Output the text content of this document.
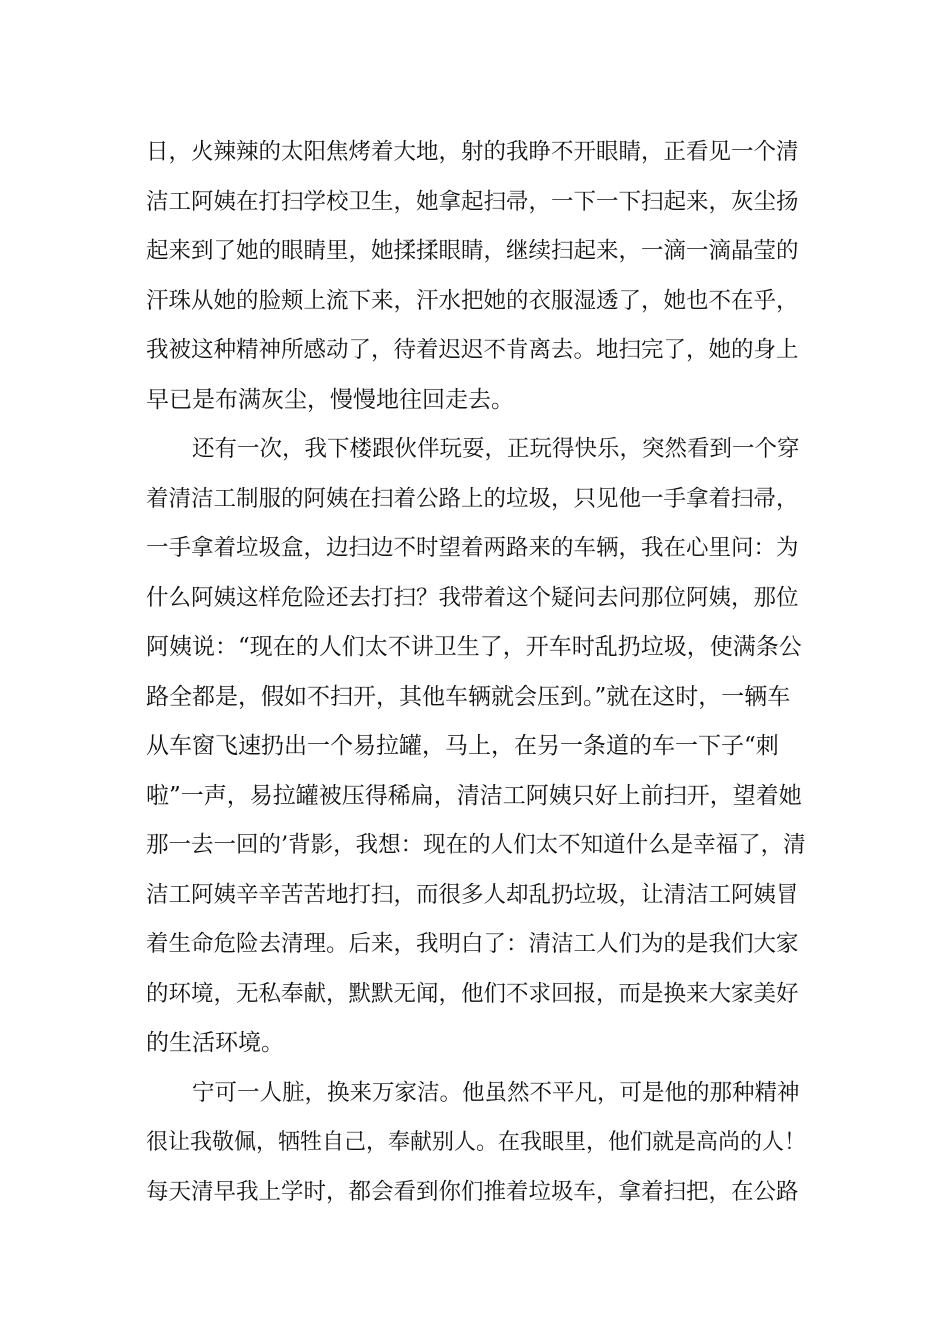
日，火辣辣的太阳焦烤着大地，射的我睁不开眼睛，正看见一个清
洁工阿姨在打扫学校卫生，她拿起扫帚，一下一下扫起来，灰尘扬
起来到了她的眼睛里，她揉揉眼睛，继续扫起来，一滴一滴晶莹的
汗珠从她的脸颊上流下来，汗水把她的衣服湿透了，她也不在乎，
我被这种精神所感动了，待着迟迟不肯离去。地扫完了，她的身上
早已是布满灰尘，慢慢地往回走去。
还有一次，我下楼跟伙伴玩耍，正玩得快乐，突然看到一个穿
着清洁工制服的阿姨在扫着公路上的垃圾，只见他一手拿着扫帚，
一手拿着垃圾盒，边扫边不时望着两路来的车辆，我在心里问：为
什么阿姨这样危险还去打扫？我带着这个疑问去问那位阿姨，那位
阿姨说：“现在的人们太不讲卫生了，开车时乱扔垃圾，使满条公
路全都是，假如不扫开，其他车辆就会压到。”就在这时，一辆车
从车窗飞速扔出一个易拉罐，马上，在另一条道的车一下子“刺
啦”一声，易拉罐被压得稀扁，清洁工阿姨只好上前扫开，望着她
那一去一回的’背影，我想：现在的人们太不知道什么是幸福了，清
洁工阿姨辛辛苦苦地打扫，而很多人却乱扔垃圾，让清洁工阿姨冒
着生命危险去清理。后来，我明白了：清洁工人们为的是我们大家
的环境，无私奉献，默默无闻，他们不求回报，而是换来大家美好
的生活环境。
宁可一人脏，换来万家洁。他虽然不平凡，可是他的那种精神
很让我敬佩，牺牲自己，奉献别人。在我眼里，他们就是高尚的人！
每天清早我上学时，都会看到你们推着垃圾车，拿着扫把，在公路
